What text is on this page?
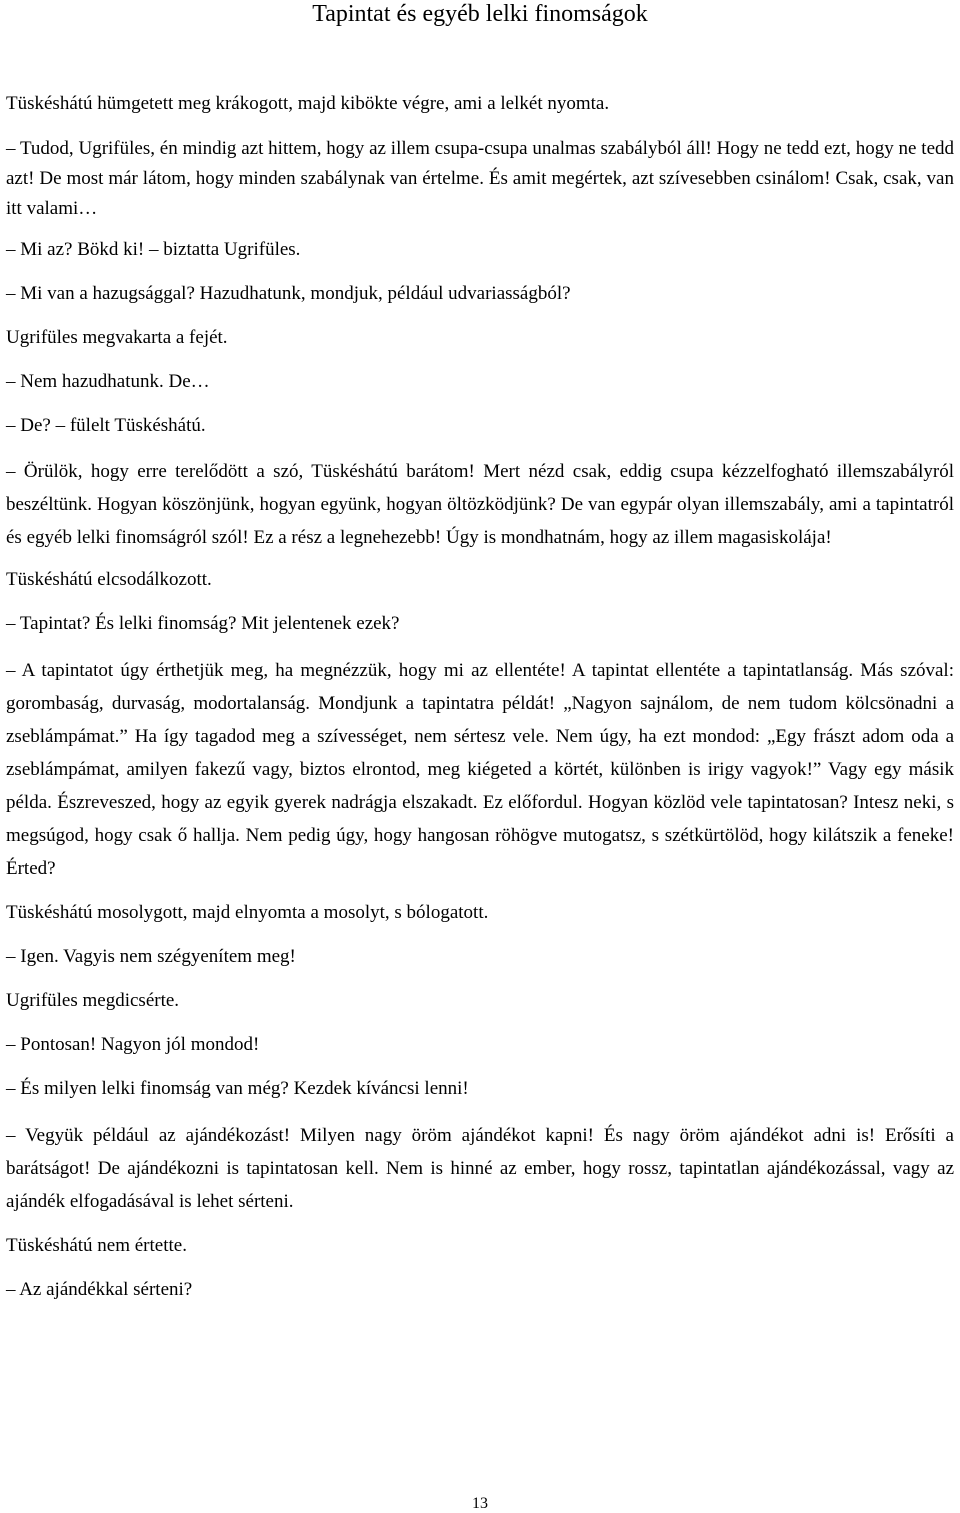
Tapintat és egyéb lelki finomságok

Tüskéshátú hümgetett meg krákogott, majd kibökte végre, ami a lelkét nyomta.

– Tudod, Ugrifüles, én mindig azt hittem, hogy az illem csupa-csupa unalmas szabályból áll! Hogy ne tedd ezt, hogy ne tedd azt! De most már látom, hogy minden szabálynak van értelme. És amit megértek, azt szívesebben csinálom! Csak, csak, van itt valami…

– Mi az? Bökd ki! – biztatta Ugrifüles.

– Mi van a hazugsággal? Hazudhatunk, mondjuk, például udvariasságból?

Ugrifüles megvakarta a fejét.

– Nem hazudhatunk. De…

– De? – fülelt Tüskéshátú.

– Örülök, hogy erre terelődött a szó, Tüskéshátú barátom! Mert nézd csak, eddig csupa kézzelfogható illemszabályról beszéltünk. Hogyan köszönjünk, hogyan együnk, hogyan öltözködjünk? De van egypár olyan illemszabály, ami a tapintatról és egyéb lelki finomságról szól! Ez a rész a legnehezebb! Úgy is mondhatnám, hogy az illem magasiskolája!

Tüskéshátú elcsodálkozott.

– Tapintat? És lelki finomság? Mit jelentenek ezek?

– A tapintatot úgy érthetjük meg, ha megnézzük, hogy mi az ellentéte! A tapintat ellentéte a tapintatlanság. Más szóval: gorombaság, durvaság, modortalanság. Mondjunk a tapintatra példát! „Nagyon sajnálom, de nem tudom kölcsönadni a zseblámpámat.” Ha így tagadod meg a szívességet, nem sértesz vele. Nem úgy, ha ezt mondod: „Egy frászt adom oda a zseblámpámat, amilyen fakezű vagy, biztos elrontod, meg kiégeted a körtét, különben is irigy vagyok!” Vagy egy másik példa. Észreveszed, hogy az egyik gyerek nadrágja elszakadt. Ez előfordul. Hogyan közlöd vele tapintatosan? Intesz neki, s megsúgod, hogy csak ő hallja. Nem pedig úgy, hogy hangosan röhögve mutogatsz, s szétkürtölöd, hogy kilátszik a feneke! Érted?

Tüskéshátú mosolygott, majd elnyomta a mosolyt, s bólogatott.

– Igen. Vagyis nem szégyenítem meg!

Ugrifüles megdicsérte.

– Pontosan! Nagyon jól mondod!

– És milyen lelki finomság van még? Kezdek kíváncsi lenni!

– Vegyük például az ajándékozást! Milyen nagy öröm ajándékot kapni! És nagy öröm ajándékot adni is! Erősíti a barátságot! De ajándékozni is tapintatosan kell. Nem is hinné az ember, hogy rossz, tapintatlan ajándékozással, vagy az ajándék elfogadásával is lehet sérteni.

Tüskéshátú nem értette.

– Az ajándékkal sérteni?

13
